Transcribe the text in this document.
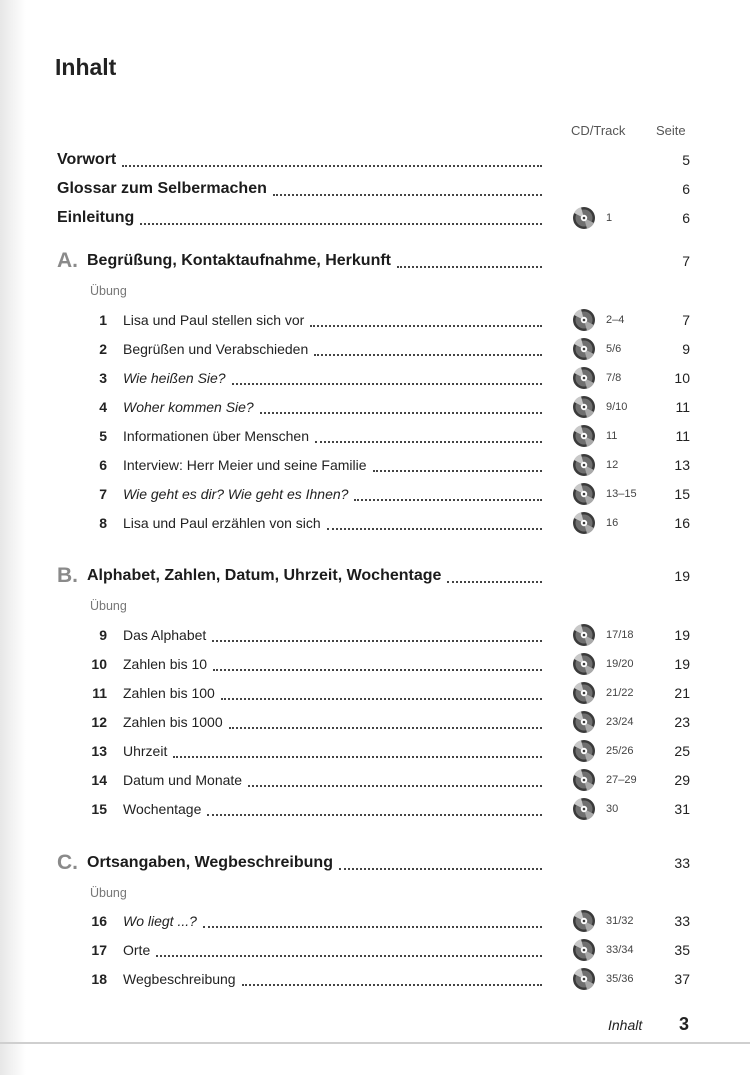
Inhalt
CD/Track Seite
Vorwort	5
Glossar zum Selbermachen	6
Einleitung	1	6
A. Begrüßung, Kontaktaufnahme, Herkunft	7
Übung
1 Lisa und Paul stellen sich vor	2–4	7
2 Begrüßen und Verabschieden	5/6	9
3 Wie heißen Sie?	7/8	10
4 Woher kommen Sie?	9/10	11
5 Informationen über Menschen	11	11
6 Interview: Herr Meier und seine Familie	12	13
7 Wie geht es dir? Wie geht es Ihnen?	13–15	15
8 Lisa und Paul erzählen von sich	16	16
B. Alphabet, Zahlen, Datum, Uhrzeit, Wochentage	19
Übung
9 Das Alphabet	17/18	19
10 Zahlen bis 10	19/20	19
11 Zahlen bis 100	21/22	21
12 Zahlen bis 1000	23/24	23
13 Uhrzeit	25/26	25
14 Datum und Monate	27–29	29
15 Wochentage	30	31
C. Ortsangaben, Wegbeschreibung	33
Übung
16 Wo liegt ...?	31/32	33
17 Orte	33/34	35
18 Wegbeschreibung	35/36	37
Inhalt 3
